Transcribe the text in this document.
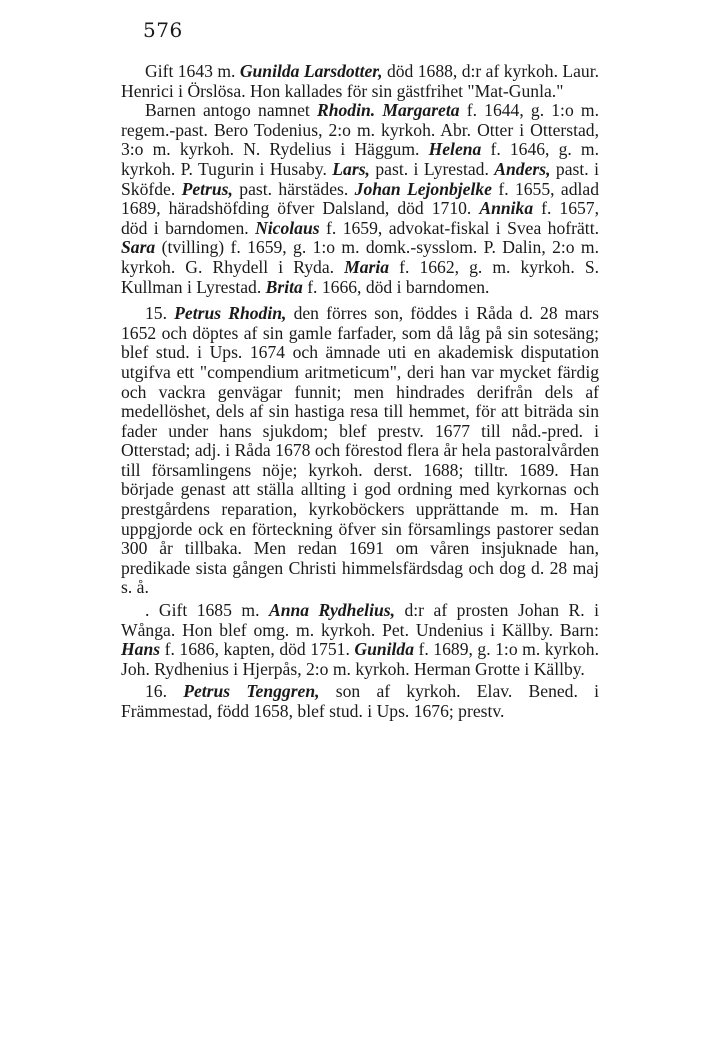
576

Gift 1643 m. Gunilda Larsdotter, död 1688, d:r af kyrkoh. Laur. Henrici i Örslösa. Hon kallades för sin gästfrihet "Mat-Gunla."

Barnen antogo namnet Rhodin. Margareta f. 1644, g. 1:o m. regem.-past. Bero Todenius, 2:o m. kyrkoh. Abr. Otter i Otterstad, 3:o m. kyrkoh. N. Rydelius i Häggum. Helena f. 1646, g. m. kyrkoh. P. Tugurin i Husaby. Lars, past. i Lyrestad. Anders, past. i Sköfde. Petrus, past. härstädes. Johan Lejonbjelke f. 1655, adlad 1689, häradshöfding öfver Dalsland, död 1710. Annika f. 1657, död i barndomen. Nicolaus f. 1659, advokat-fiskal i Svea hofrätt. Sara (tvilling) f. 1659, g. 1:o m. domk.-sysslom. P. Dalin, 2:o m. kyrkoh. G. Rhydell i Ryda. Maria f. 1662, g. m. kyrkoh. S. Kullman i Lyrestad. Brita f. 1666, död i barndomen.

15. Petrus Rhodin, den förres son, föddes i Råda d. 28 mars 1652 och döptes af sin gamle farfader, som då låg på sin sotesäng; blef stud. i Ups. 1674 och ämnade uti en akademisk disputation utgifva ett "compendium aritmeticum", deri han var mycket färdig och vackra genvägar funnit; men hindrades derifrån dels af medellöshet, dels af sin hastiga resa till hemmet, för att biträda sin fader under hans sjukdom; blef prestv. 1677 till nåd.-pred. i Otterstad; adj. i Råda 1678 och förestod flera år hela pastoralvården till församlingens nöje; kyrkoh. derst. 1688; tilltr. 1689. Han började genast att ställa allting i god ordning med kyrkornas och prestgårdens reparation, kyrkoböckers upprättande m. m. Han uppgjorde ock en förteckning öfver sin församlings pastorer sedan 300 år tillbaka. Men redan 1691 om våren insjuknade han, predikade sista gången Christi himmelsfärdsdag och dog d. 28 maj s. å.

. Gift 1685 m. Anna Rydhelius, d:r af prosten Johan R. i Wånga. Hon blef omg. m. kyrkoh. Pet. Undenius i Källby. Barn: Hans f. 1686, kapten, död 1751. Gunilda f. 1689, g. 1:o m. kyrkoh. Joh. Rydhenius i Hjerpås, 2:o m. kyrkoh. Herman Grotte i Källby.

16. Petrus Tenggren, son af kyrkoh. Elav. Bened. i Främmestad, född 1658, blef stud. i Ups. 1676; prestv.
